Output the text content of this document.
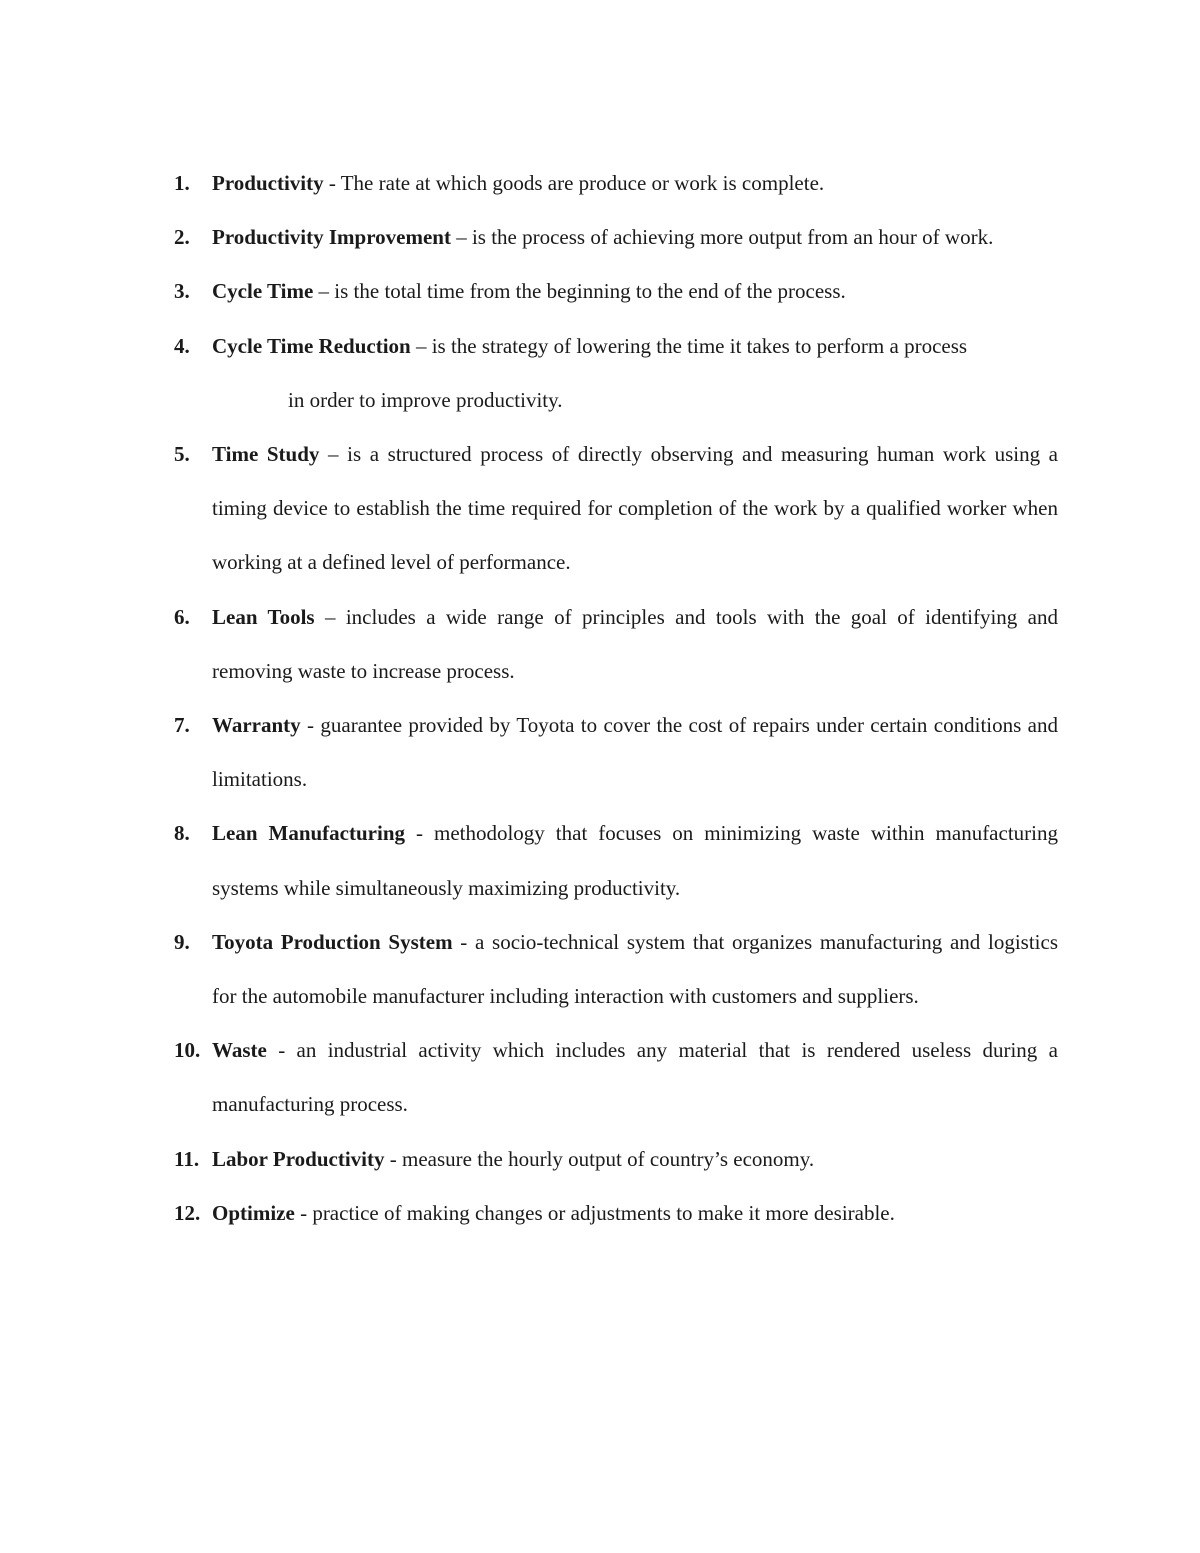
1. Productivity - The rate at which goods are produce or work is complete.
2. Productivity Improvement – is the process of achieving more output from an hour of work.
3. Cycle Time – is the total time from the beginning to the end of the process.
4. Cycle Time Reduction – is the strategy of lowering the time it takes to perform a process
in order to improve productivity.
5. Time Study – is a structured process of directly observing and measuring human work using a timing device to establish the time required for completion of the work by a qualified worker when working at a defined level of performance.
6. Lean Tools – includes a wide range of principles and tools with the goal of identifying and removing waste to increase process.
7. Warranty - guarantee provided by Toyota to cover the cost of repairs under certain conditions and limitations.
8. Lean Manufacturing - methodology that focuses on minimizing waste within manufacturing systems while simultaneously maximizing productivity.
9. Toyota Production System - a socio-technical system that organizes manufacturing and logistics for the automobile manufacturer including interaction with customers and suppliers.
10. Waste - an industrial activity which includes any material that is rendered useless during a manufacturing process.
11. Labor Productivity - measure the hourly output of country’s economy.
12. Optimize - practice of making changes or adjustments to make it more desirable.
